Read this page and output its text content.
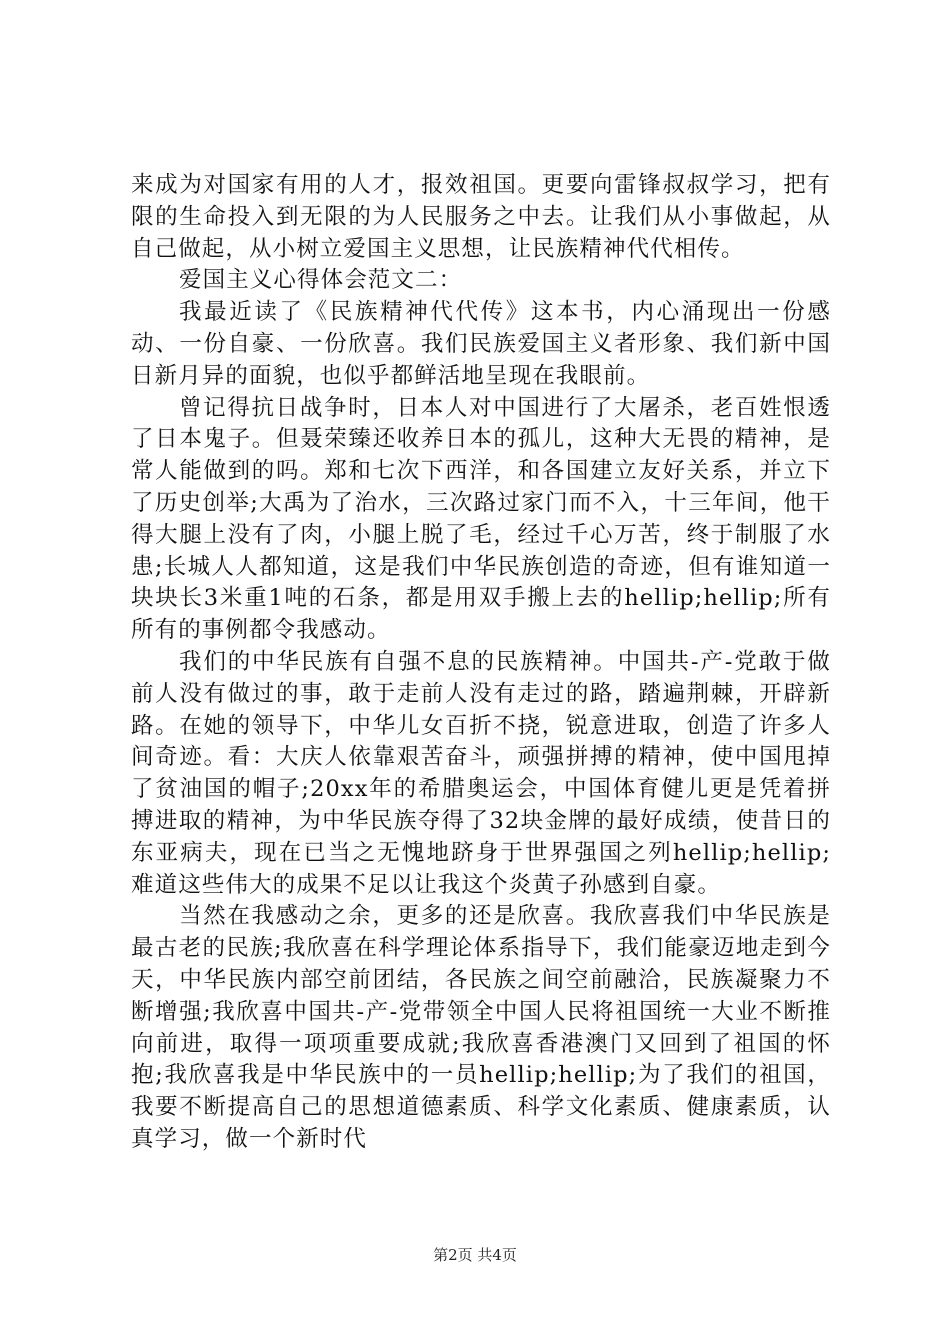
来成为对国家有用的人才，报效祖国。更要向雷锋叔叔学习，把有限的生命投入到无限的为人民服务之中去。让我们从小事做起，从自己做起，从小树立爱国主义思想，让民族精神代代相传。

爱国主义心得体会范文二：

我最近读了《民族精神代代传》这本书，内心涌现出一份感动、一份自豪、一份欣喜。我们民族爱国主义者形象、我们新中国日新月异的面貌，也似乎都鲜活地呈现在我眼前。

曾记得抗日战争时，日本人对中国进行了大屠杀，老百姓恨透了日本鬼子。但聂荣臻还收养日本的孤儿，这种大无畏的精神，是常人能做到的吗。郑和七次下西洋，和各国建立友好关系，并立下了历史创举;大禹为了治水，三次路过家门而不入，十三年间，他干得大腿上没有了肉，小腿上脱了毛，经过千心万苦，终于制服了水患;长城人人都知道，这是我们中华民族创造的奇迹，但有谁知道一块块长3米重1吨的石条，都是用双手搬上去的hellip;hellip;所有所有的事例都令我感动。

我们的中华民族有自强不息的民族精神。中国共-产-党敢于做前人没有做过的事，敢于走前人没有走过的路，踏遍荆棘，开辟新路。在她的领导下，中华儿女百折不挠，锐意进取，创造了许多人间奇迹。看：大庆人依靠艰苦奋斗，顽强拼搏的精神，使中国甩掉了贫油国的帽子;20xx年的希腊奥运会，中国体育健儿更是凭着拼搏进取的精神，为中华民族夺得了32块金牌的最好成绩，使昔日的东亚病夫，现在已当之无愧地跻身于世界强国之列hellip;hellip;难道这些伟大的成果不足以让我这个炎黄子孙感到自豪。

当然在我感动之余，更多的还是欣喜。我欣喜我们中华民族是最古老的民族;我欣喜在科学理论体系指导下，我们能豪迈地走到今天，中华民族内部空前团结，各民族之间空前融洽，民族凝聚力不断增强;我欣喜中国共-产-党带领全中国人民将祖国统一大业不断推向前进，取得一项项重要成就;我欣喜香港澳门又回到了祖国的怀抱;我欣喜我是中华民族中的一员hellip;hellip;为了我们的祖国，我要不断提高自己的思想道德素质、科学文化素质、健康素质，认真学习，做一个新时代

第2页 共4页
